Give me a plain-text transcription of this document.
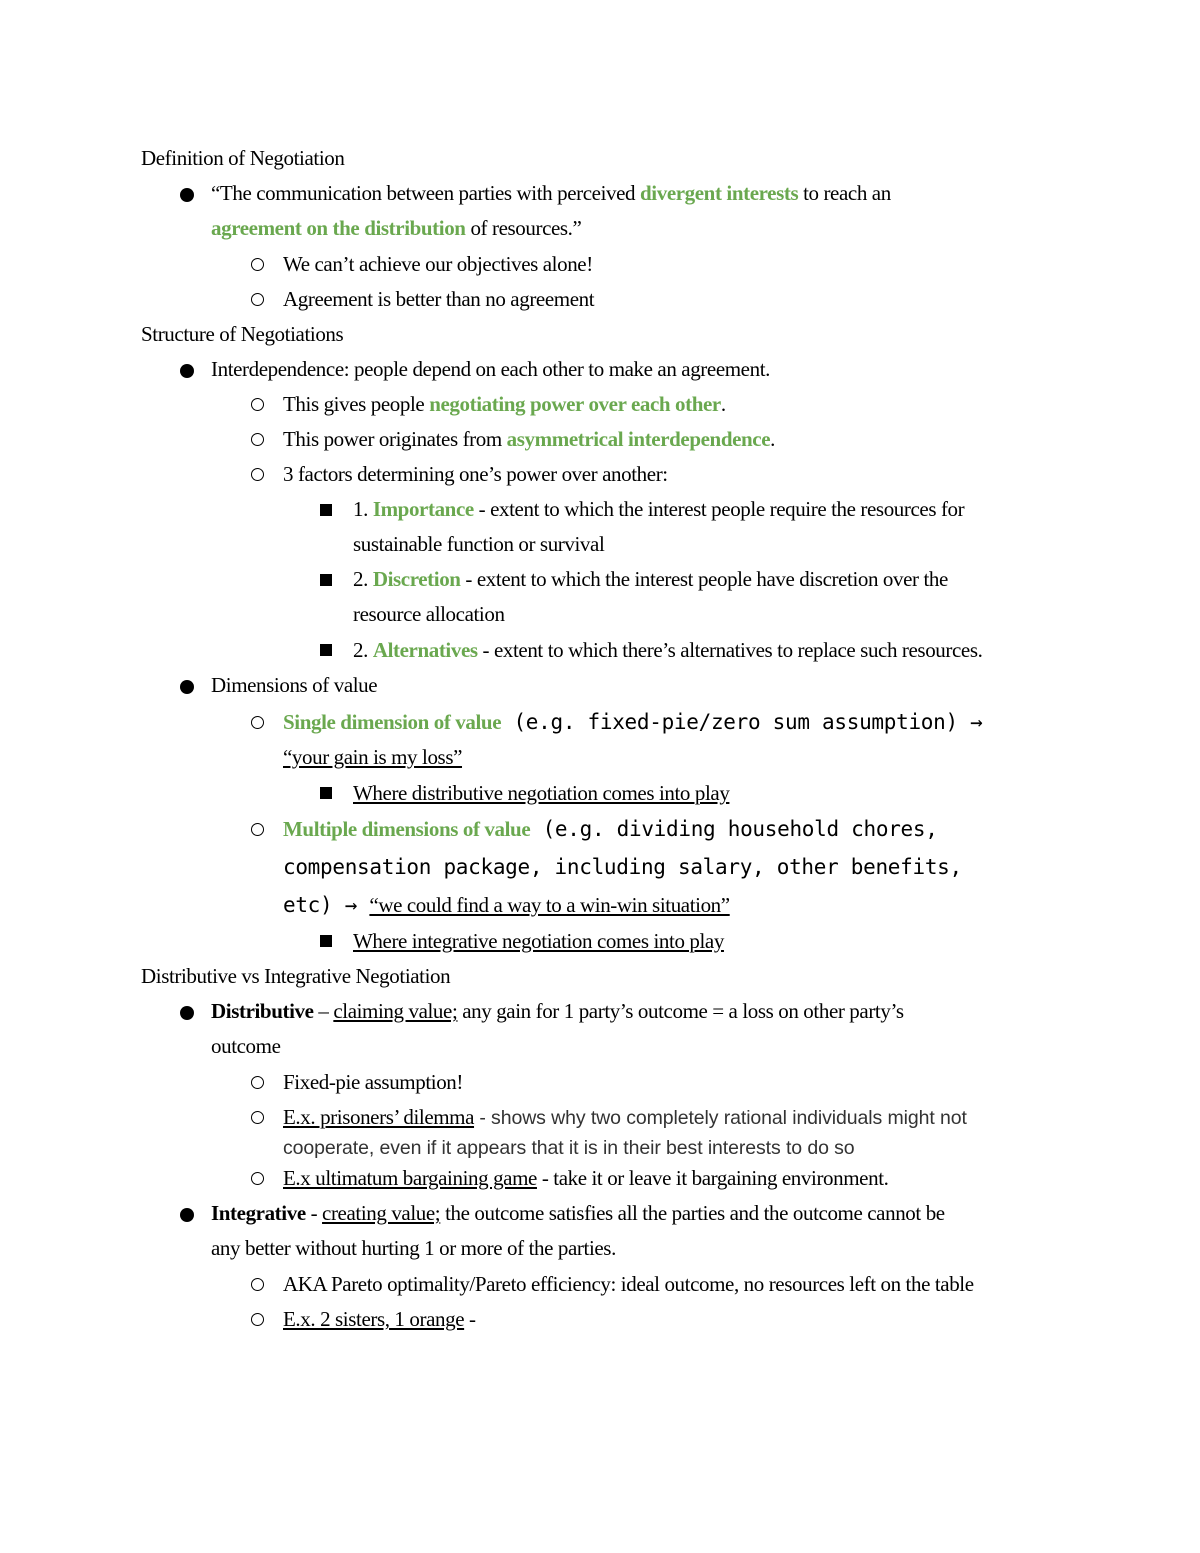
Definition of Negotiation
“The communication between parties with perceived divergent interests to reach an
agreement on the distribution of resources.”
We can’t achieve our objectives alone!
Agreement is better than no agreement
Structure of Negotiations
Interdependence: people depend on each other to make an agreement.
This gives people negotiating power over each other.
This power originates from asymmetrical interdependence.
3 factors determining one’s power over another:
1. Importance - extent to which the interest people require the resources for
sustainable function or survival
2. Discretion - extent to which the interest people have discretion over the
resource allocation
2. Alternatives - extent to which there’s alternatives to replace such resources.
Dimensions of value
Single dimension of value (e.g. fixed-pie/zero sum assumption) →
“your gain is my loss”
Where distributive negotiation comes into play
Multiple dimensions of value (e.g. dividing household chores,
compensation package, including salary, other benefits,
etc) → “we could find a way to a win-win situation”
Where integrative negotiation comes into play
Distributive vs Integrative Negotiation
Distributive – claiming value; any gain for 1 party’s outcome = a loss on other party’s
outcome
Fixed-pie assumption!
E.x. prisoners’ dilemma - shows why two completely rational individuals might not
cooperate, even if it appears that it is in their best interests to do so
E.x ultimatum bargaining game - take it or leave it bargaining environment.
Integrative - creating value; the outcome satisfies all the parties and the outcome cannot be
any better without hurting 1 or more of the parties.
AKA Pareto optimality/Pareto efficiency: ideal outcome, no resources left on the table
E.x. 2 sisters, 1 orange -
